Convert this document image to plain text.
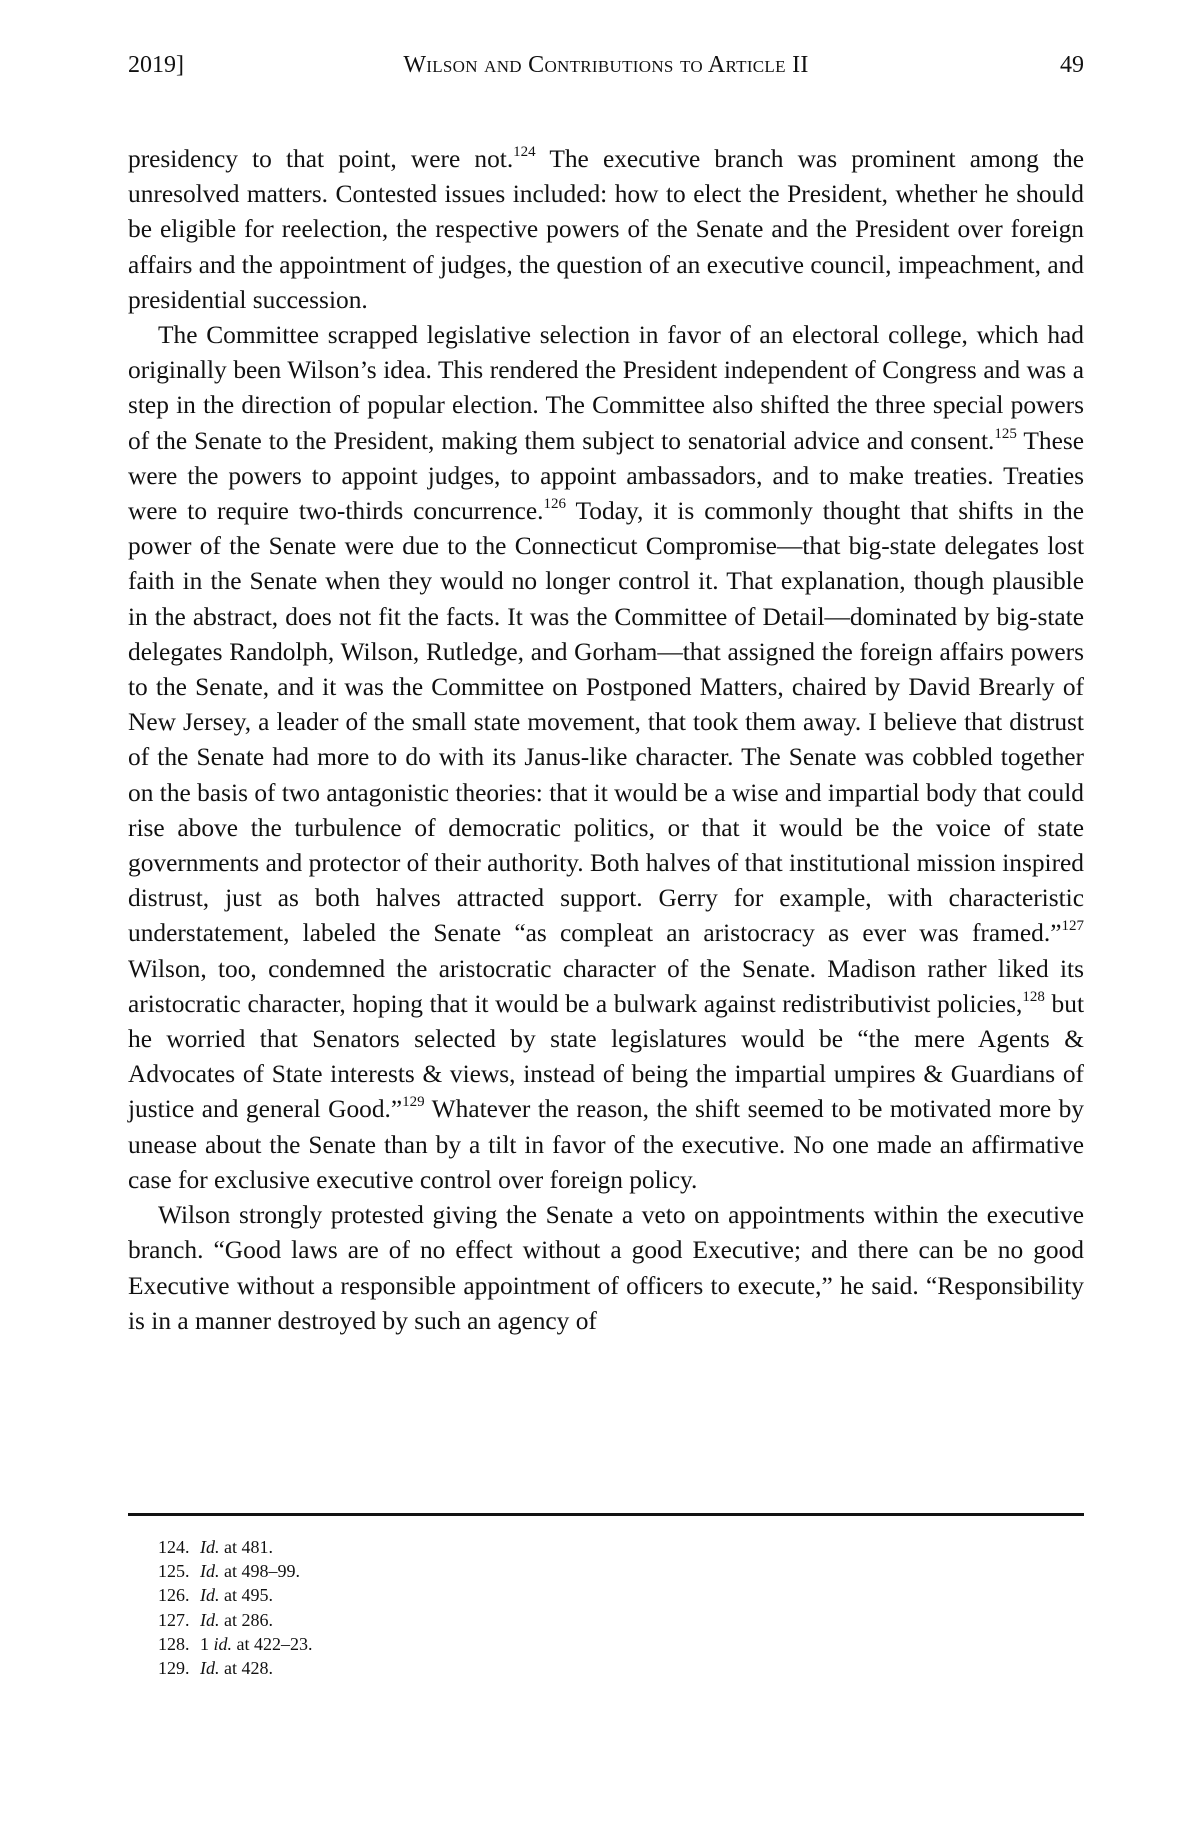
2019]	Wilson and Contributions to Article II	49

presidency to that point, were not.$^{124}$ The executive branch was prominent among the unresolved matters. Contested issues included: how to elect the President, whether he should be eligible for reelection, the respective powers of the Senate and the President over foreign affairs and the appointment of judges, the question of an executive council, impeachment, and presidential succession.

The Committee scrapped legislative selection in favor of an electoral college, which had originally been Wilson’s idea. This rendered the President independent of Congress and was a step in the direction of popular election. The Committee also shifted the three special powers of the Senate to the President, making them subject to senatorial advice and consent.$^{125}$ These were the powers to appoint judges, to appoint ambassadors, and to make treaties. Treaties were to require two-thirds concurrence.$^{126}$ Today, it is commonly thought that shifts in the power of the Senate were due to the Connecticut Compromise—that big-state delegates lost faith in the Senate when they would no longer control it. That explanation, though plausible in the abstract, does not fit the facts. It was the Committee of Detail—dominated by big-state delegates Randolph, Wilson, Rutledge, and Gorham—that assigned the foreign affairs powers to the Senate, and it was the Committee on Postponed Matters, chaired by David Brearly of New Jersey, a leader of the small state movement, that took them away. I believe that distrust of the Senate had more to do with its Janus-like character. The Senate was cobbled together on the basis of two antagonistic theories: that it would be a wise and impartial body that could rise above the turbulence of democratic politics, or that it would be the voice of state governments and protector of their authority. Both halves of that institutional mission inspired distrust, just as both halves attracted support. Gerry for example, with characteristic understatement, labeled the Senate “as compleat an aristocracy as ever was framed.”$^{127}$ Wilson, too, condemned the aristocratic character of the Senate. Madison rather liked its aristocratic character, hoping that it would be a bulwark against redistributivist policies,$^{128}$ but he worried that Senators selected by state legislatures would be “the mere Agents & Advocates of State interests & views, instead of being the impartial umpires & Guardians of justice and general Good.”$^{129}$ Whatever the reason, the shift seemed to be motivated more by unease about the Senate than by a tilt in favor of the executive. No one made an affirmative case for exclusive executive control over foreign policy.

Wilson strongly protested giving the Senate a veto on appointments within the executive branch. “Good laws are of no effect without a good Executive; and there can be no good Executive without a responsible appointment of officers to execute,” he said. “Responsibility is in a manner destroyed by such an agency of

124. Id. at 481.
125. Id. at 498–99.
126. Id. at 495.
127. Id. at 286.
128. 1 id. at 422–23.
129. Id. at 428.
